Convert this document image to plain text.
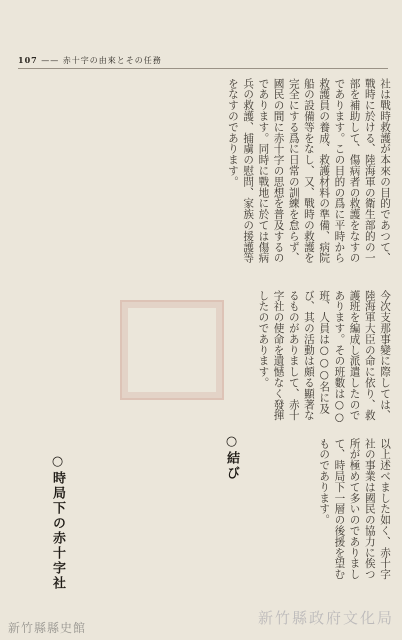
107 —— 赤十字の由來とその任務
社は戰時救護が本來の目的であつて、戰時に於ける、陸海軍の衛生部的の一部を補助して、傷病者の救護をなすのであります。この目的の爲に平時から救護員の養成、救護材料の準備、病院船の設備等をなし、又、戰時の救護を完全にする爲に日常の訓練を怠らず、國民の間に赤十字の思想を普及するのであります。同時に戰地に於ては傷病兵の救護、捕虜の慰問、家族の援護等をなすのであります。
今次支那事變に際しては、陸海軍大臣の命に依り、救護班を編成し派遣したのであります。その班數は○○班、人員は○○○名に及び、其の活動は頗る顯著なるものがありまして、赤十字社の使命を遺憾なく發揮したのであります。
以上述べました如く、赤十字社の事業は國民の協力に俟つ所が極めて多いのでありまして、時局下一層の後援を望むものであります。
○時局下の赤十字社	○結び
新竹縣政府文化局
新竹縣縣史館
